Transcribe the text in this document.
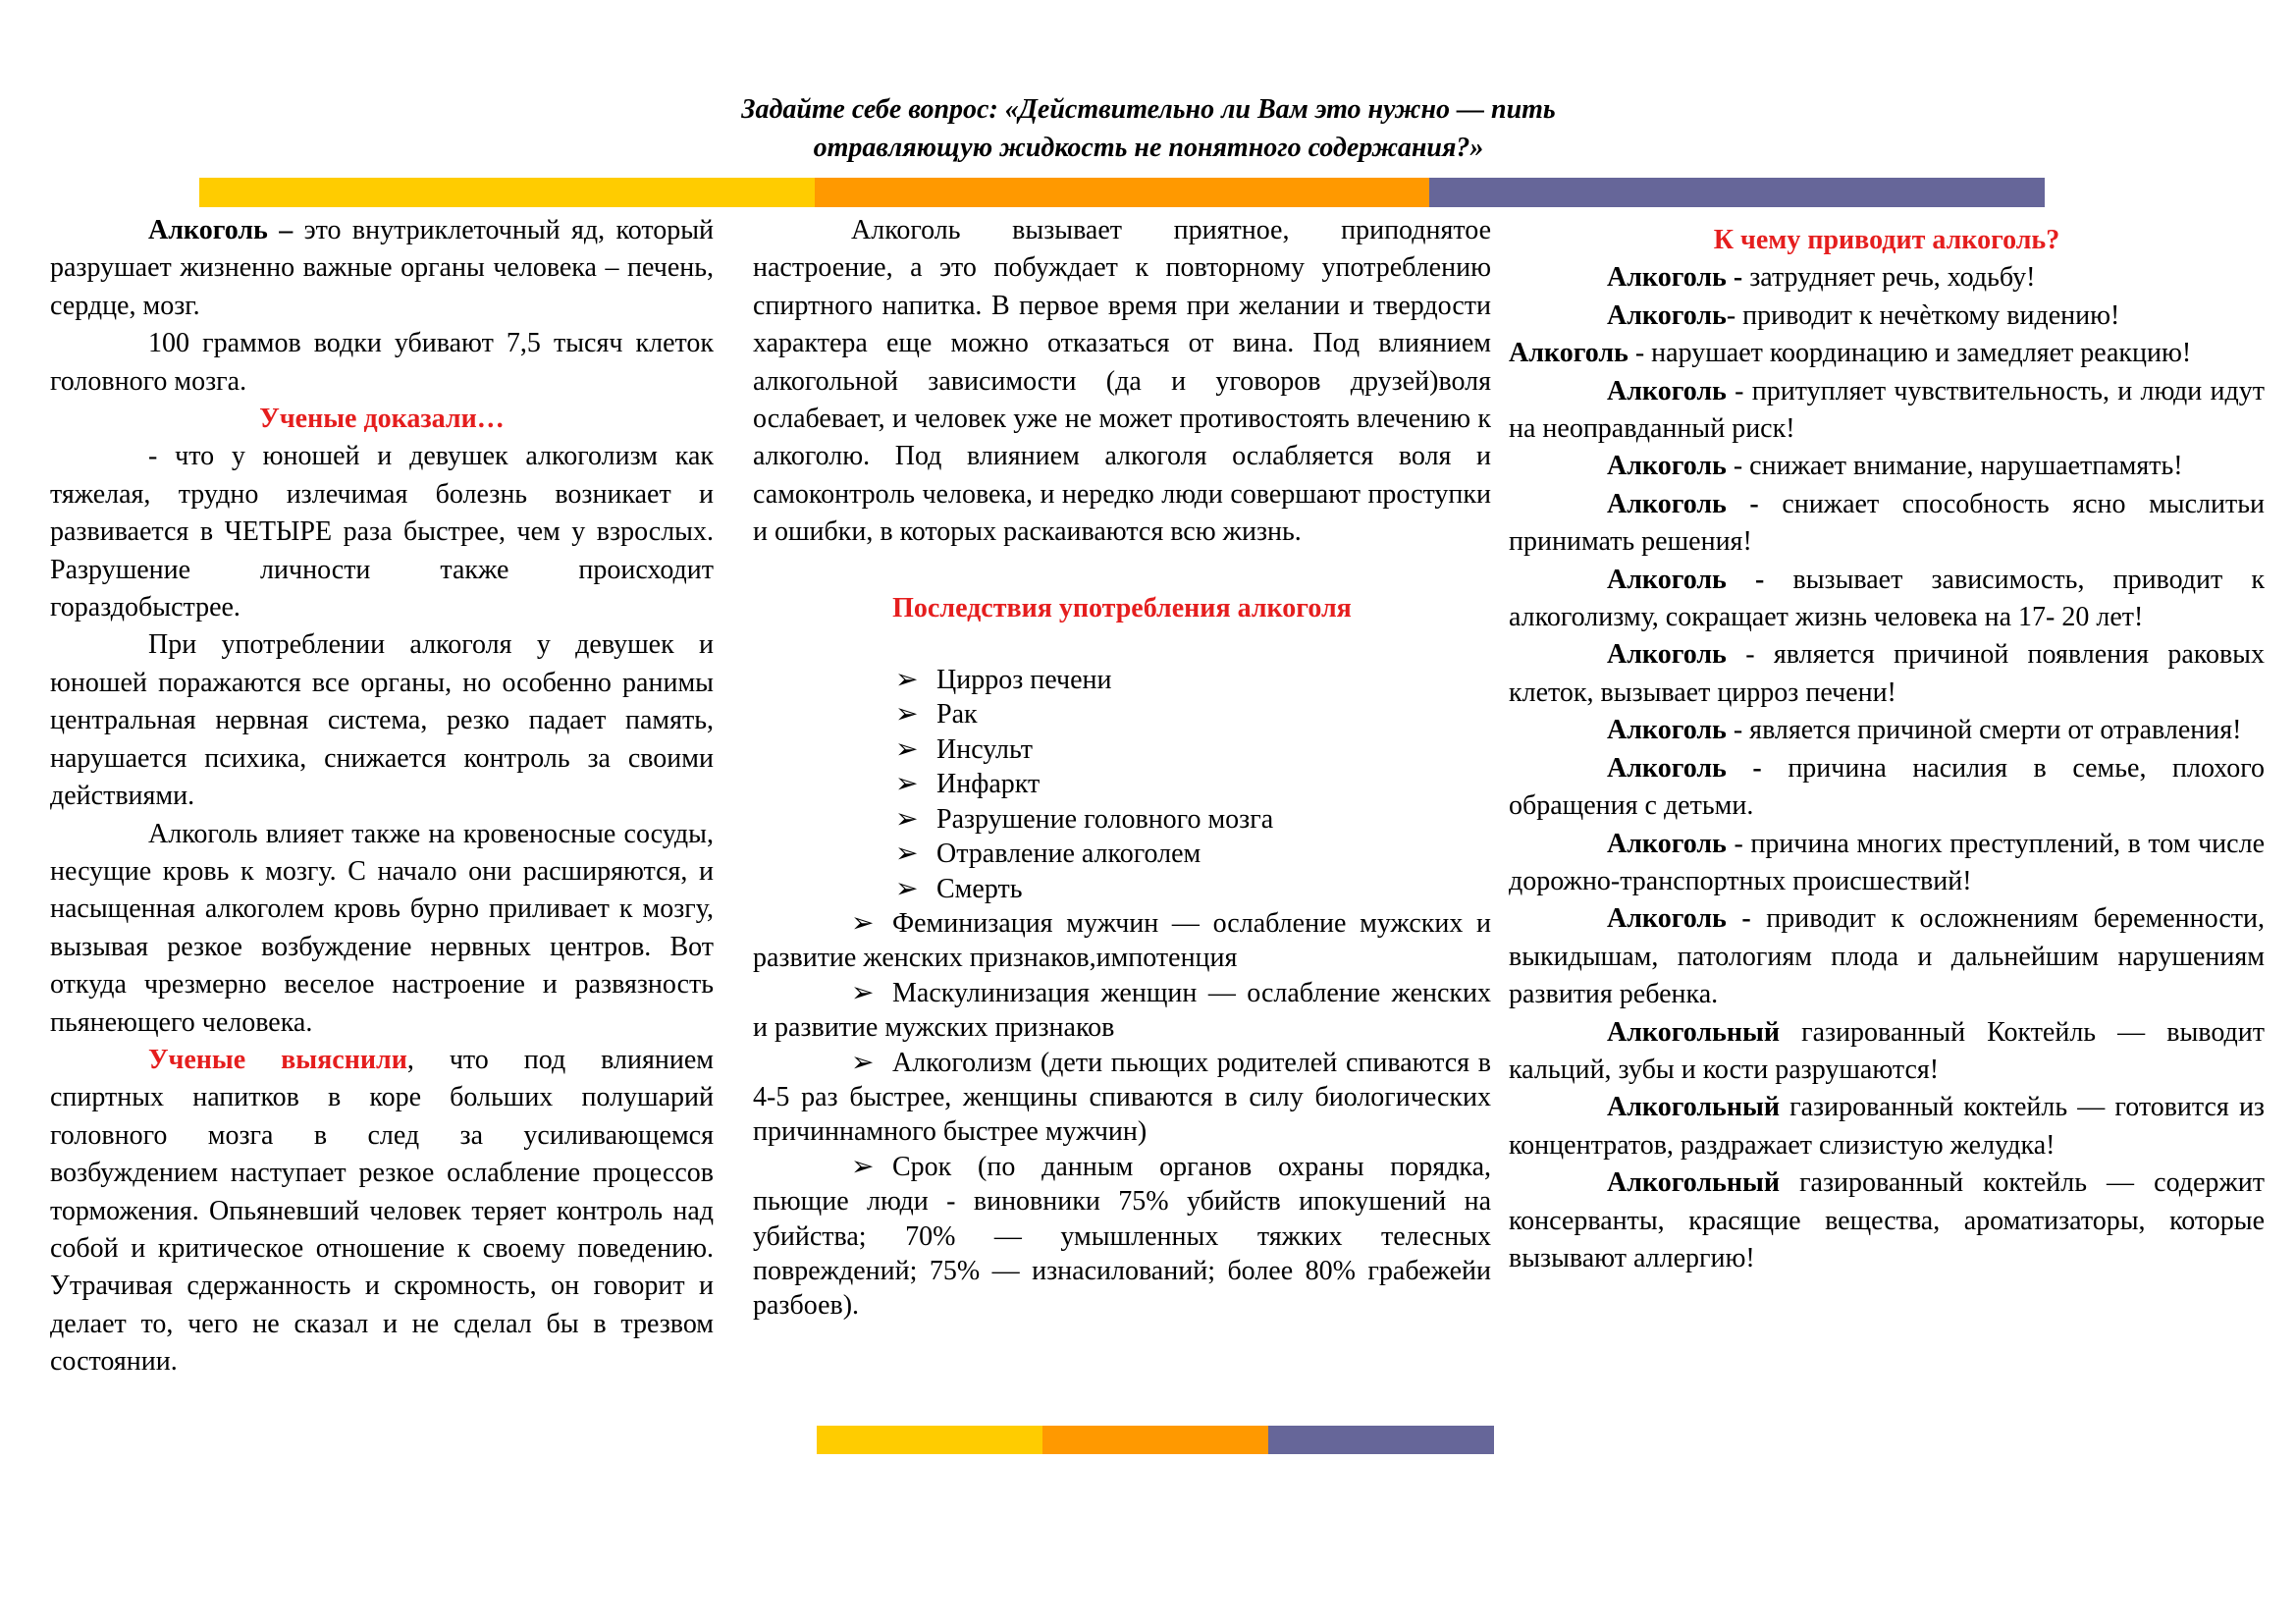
Задайте себе вопрос: «Действительно ли Вам это нужно — пить
отравляющую жидкость не понятного содержания?»

Алкоголь – это внутриклеточный яд, который разрушает жизненно важные органы человека – печень, сердце, мозг.

100 граммов водки убивают 7,5 тысяч клеток головного мозга.

Ученые доказали…

- что у юношей и девушек алкоголизм как тяжелая, трудно излечимая болезнь возникает и развивается в ЧЕТЫРЕ раза быстрее, чем у взрослых. Разрушение личности также происходит гораздобыстрее.

При употреблении алкоголя у девушек и юношей поражаются все органы, но особенно ранимы центральная нервная система, резко падает память, нарушается психика, снижается контроль за своими действиями.

Алкоголь влияет также на кровеносные сосуды, несущие кровь к мозгу. С начало они расширяются, и насыщенная алкоголем кровь бурно приливает к мозгу, вызывая резкое возбуждение нервных центров. Вот откуда чрезмерно веселое настроение и развязность пьянеющего человека.

Ученые выяснили, что под влиянием спиртных напитков в коре больших полушарий головного мозга в след за усиливающемся возбуждением наступает резкое ослабление процессов торможения. Опьяневший человек теряет контроль над собой и критическое отношение к своему поведению. Утрачивая сдержанность и скромность, он говорит и делает то, чего не сказал и не сделал бы в трезвом состоянии.

Алкоголь вызывает приятное, приподнятое настроение, а это побуждает к повторному употреблению спиртного напитка. В первое время при желании и твердости характера еще можно отказаться от вина. Под влиянием алкогольной зависимости (да и уговоров друзей)воля ослабевает, и человек уже не может противостоять влечению к алкоголю. Под влиянием алкоголя ослабляется воля и самоконтроль человека, и нередко люди совершают проступки и ошибки, в которых раскаиваются всю жизнь.

Последствия употребления алкоголя

➢ Цирроз печени
➢ Рак
➢ Инсульт
➢ Инфаркт
➢ Разрушение головного мозга
➢ Отравление алкоголем
➢ Смерть
➢ Феминизация мужчин — ослабление мужских и развитие женских признаков,импотенция
➢ Маскулинизация женщин — ослабление женских и развитие мужских признаков
➢ Алкоголизм (дети пьющих родителей спиваются в 4-5 раз быстрее, женщины спиваются в силу биологических причиннамного быстрее мужчин)
➢ Срок (по данным органов охраны порядка, пьющие люди - виновники 75% убийств ипокушений на убийства; 70% — умышленных тяжких телесных повреждений; 75% — изнасилований; более 80% грабежейи разбоев).

К чему приводит алкоголь?

Алкоголь - затрудняет речь, ходьбу!

Алкоголь- приводит к нечѐткому видению!

Алкоголь - нарушает координацию и замедляет реакцию!

Алкоголь - притупляет чувствительность, и люди идут на неоправданный риск!

Алкоголь - снижает внимание, нарушаетпамять!

Алкоголь - снижает способность ясно мыслитьи принимать решения!

Алкоголь - вызывает зависимость, приводит к алкоголизму, сокращает жизнь человека на 17- 20 лет!

Алкоголь - является причиной появления раковых клеток, вызывает цирроз печени!

Алкоголь - является причиной смерти от отравления!

Алкоголь - причина насилия в семье, плохого обращения с детьми.

Алкоголь - причина многих преступлений, в том числе дорожно-транспортных происшествий!

Алкоголь - приводит к осложнениям беременности, выкидышам, патологиям плода и дальнейшим нарушениям развития ребенка.

Алкогольный газированный Коктейль — выводит кальций, зубы и кости разрушаются!

Алкогольный газированный коктейль — готовится из концентратов, раздражает слизистую желудка!

Алкогольный газированный коктейль — содержит консерванты, красящие вещества, ароматизаторы, которые вызывают аллергию!
